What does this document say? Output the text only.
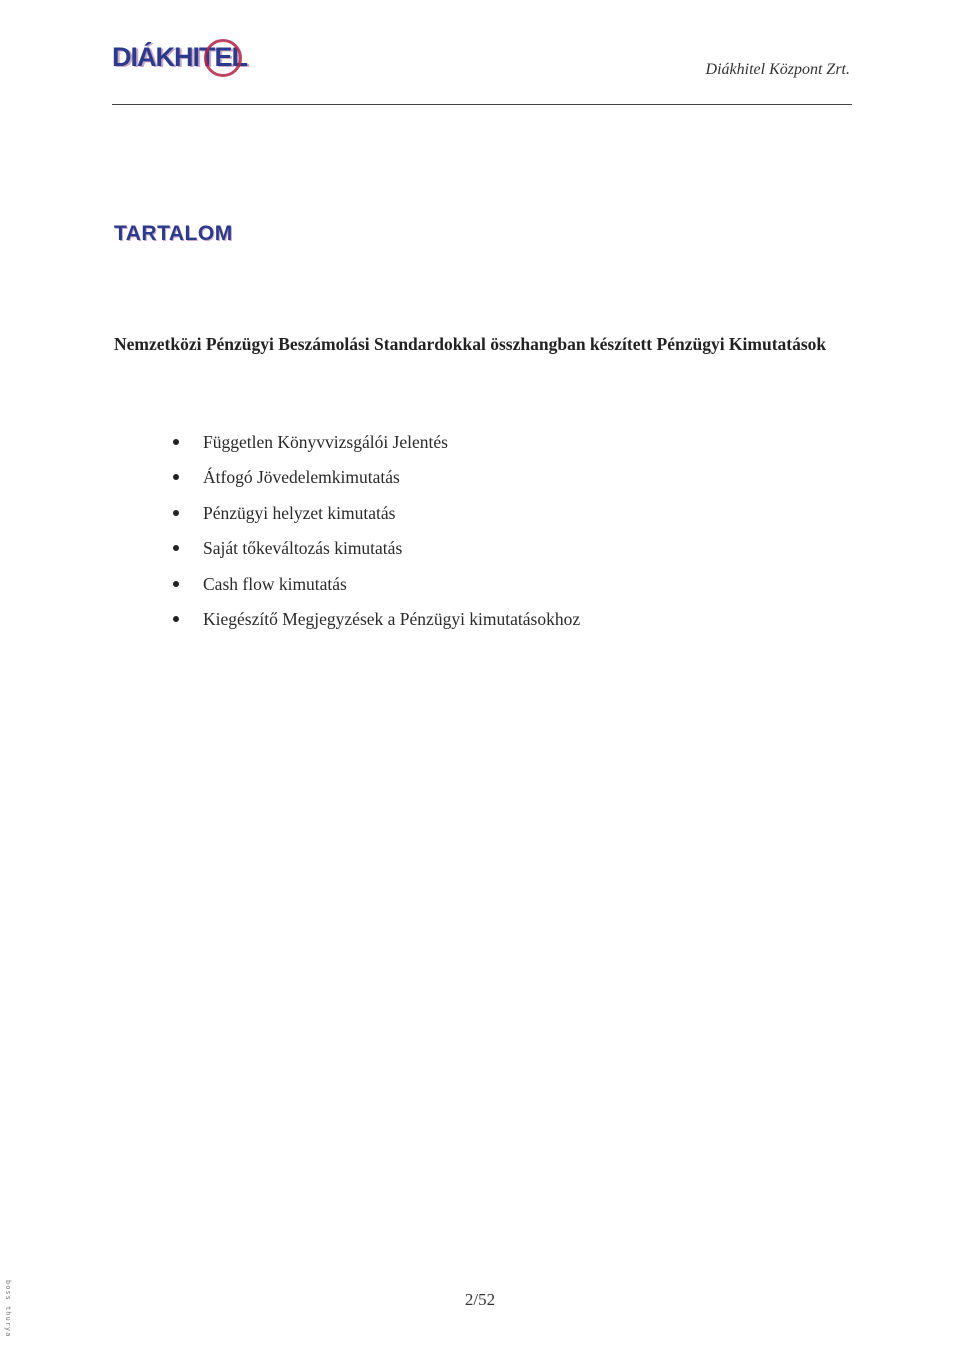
DIÁKHITEL	Diákhitel Központ Zrt.
TARTALOM
Nemzetközi Pénzügyi Beszámolási Standardokkal összhangban készített Pénzügyi Kimutatások
Független Könyvvizsgálói Jelentés
Átfogó Jövedelemkimutatás
Pénzügyi helyzet kimutatás
Saját tőkeváltozás kimutatás
Cash flow kimutatás
Kiegészítő Megjegyzések a Pénzügyi kimutatásokhoz
boss thurya	2/52
